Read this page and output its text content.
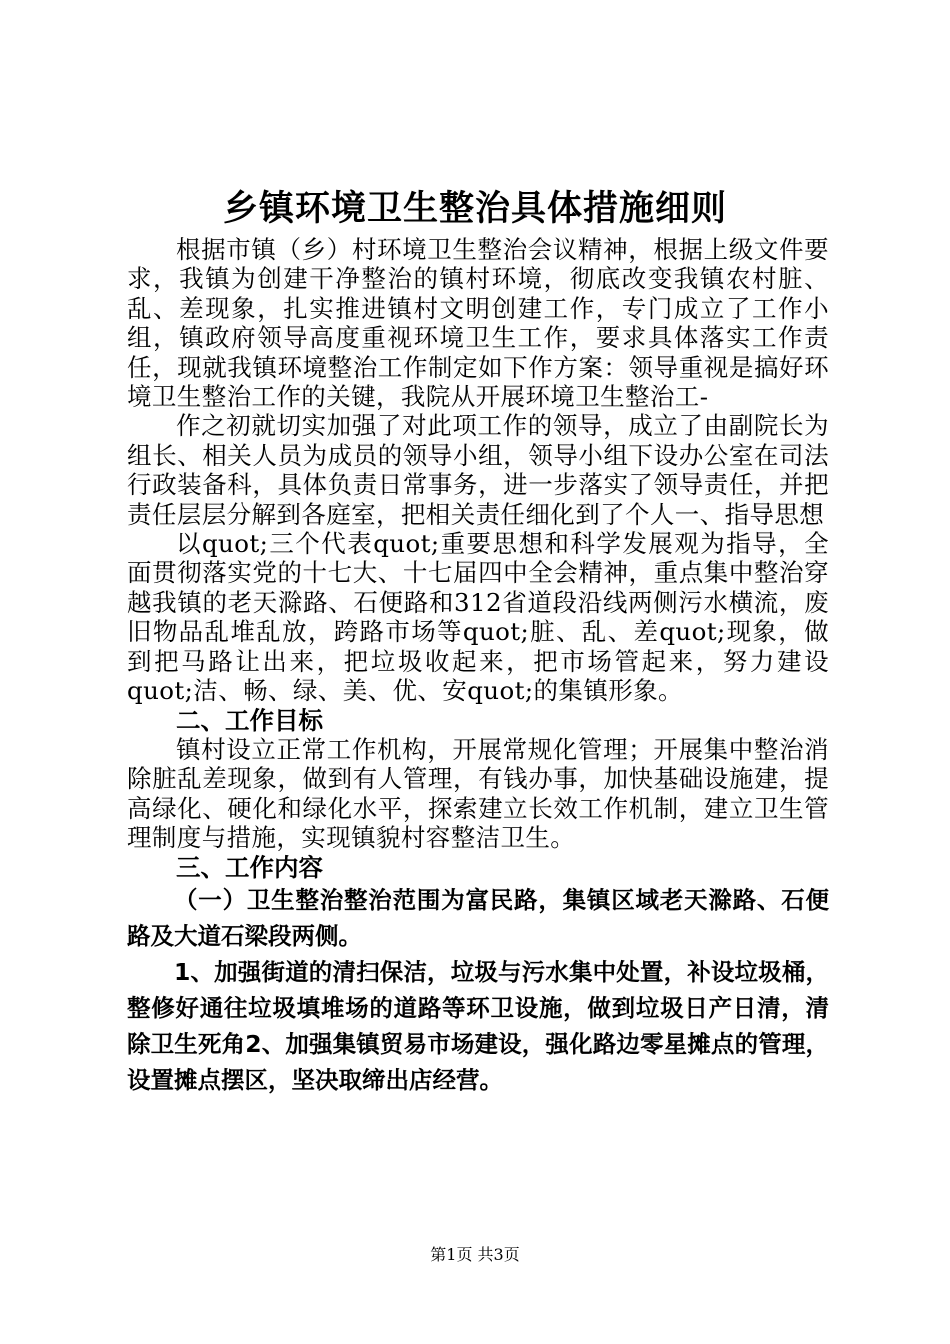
乡镇环境卫生整治具体措施细则

根据市镇（乡）村环境卫生整治会议精神，根据上级文件要求，我镇为创建干净整治的镇村环境，彻底改变我镇农村脏、乱、差现象，扎实推进镇村文明创建工作，专门成立了工作小组，镇政府领导高度重视环境卫生工作，要求具体落实工作责任，现就我镇环境整治工作制定如下作方案：领导重视是搞好环境卫生整治工作的关键，我院从开展环境卫生整治工-

作之初就切实加强了对此项工作的领导，成立了由副院长为组长、相关人员为成员的领导小组，领导小组下设办公室在司法行政装备科，具体负责日常事务，进一步落实了领导责任，并把责任层层分解到各庭室，把相关责任细化到了个人一、指导思想

以quot;三个代表quot;重要思想和科学发展观为指导，全面贯彻落实党的十七大、十七届四中全会精神，重点集中整治穿越我镇的老天滁路、石便路和312省道段沿线两侧污水横流，废旧物品乱堆乱放，跨路市场等quot;脏、乱、差quot;现象，做到把马路让出来，把垃圾收起来，把市场管起来，努力建设quot;洁、畅、绿、美、优、安quot;的集镇形象。

二、工作目标

镇村设立正常工作机构，开展常规化管理；开展集中整治消除脏乱差现象，做到有人管理，有钱办事，加快基础设施建，提高绿化、硬化和绿化水平，探索建立长效工作机制，建立卫生管理制度与措施，实现镇貌村容整洁卫生。

三、工作内容

（一）卫生整治整治范围为富民路，集镇区域老天滁路、石便路及大道石梁段两侧。

1、加强街道的清扫保洁，垃圾与污水集中处置，补设垃圾桶，整修好通往垃圾填堆场的道路等环卫设施，做到垃圾日产日清，清除卫生死角2、加强集镇贸易市场建设，强化路边零星摊点的管理，设置摊点摆区，坚决取缔出店经营。

第1页 共3页
